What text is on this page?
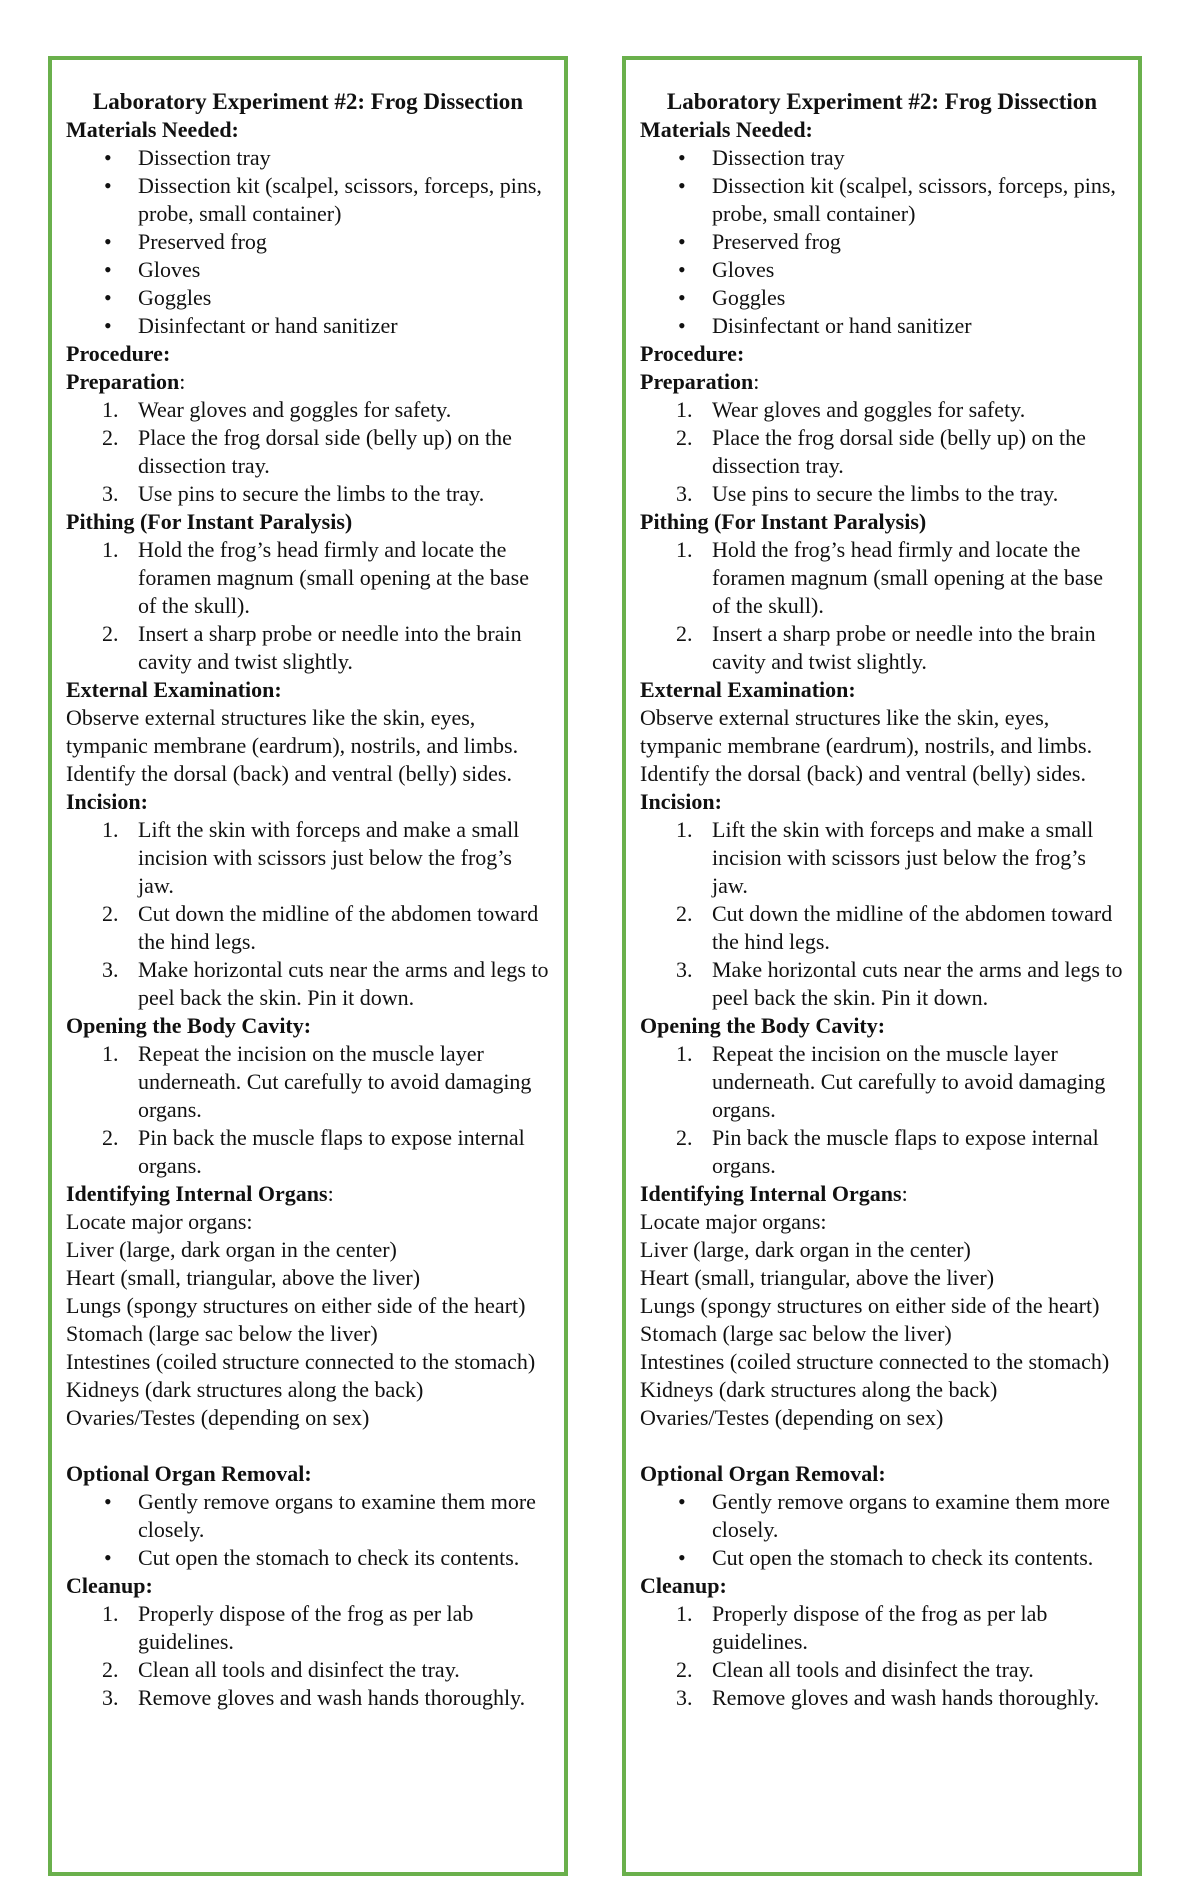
Laboratory Experiment #2: Frog Dissection
Materials Needed:
• Dissection tray
• Dissection kit (scalpel, scissors, forceps, pins, probe, small container)
• Preserved frog
• Gloves
• Goggles
• Disinfectant or hand sanitizer
Procedure:
Preparation:
1. Wear gloves and goggles for safety.
2. Place the frog dorsal side (belly up) on the dissection tray.
3. Use pins to secure the limbs to the tray.
Pithing (For Instant Paralysis)
1. Hold the frog’s head firmly and locate the foramen magnum (small opening at the base of the skull).
2. Insert a sharp probe or needle into the brain cavity and twist slightly.
External Examination:

Observe external structures like the skin, eyes, tympanic membrane (eardrum), nostrils, and limbs.

Identify the dorsal (back) and ventral (belly) sides.

Incision:
1. Lift the skin with forceps and make a small incision with scissors just below the frog’s jaw.
2. Cut down the midline of the abdomen toward the hind legs.
3. Make horizontal cuts near the arms and legs to peel back the skin. Pin it down.
Opening the Body Cavity:
1. Repeat the incision on the muscle layer underneath. Cut carefully to avoid damaging organs.
2. Pin back the muscle flaps to expose internal organs.
Identifying Internal Organs:

Locate major organs:

Liver (large, dark organ in the center)

Heart (small, triangular, above the liver)

Lungs (spongy structures on either side of the heart)

Stomach (large sac below the liver)

Intestines (coiled structure connected to the stomach)

Kidneys (dark structures along the back)

Ovaries/Testes (depending on sex)

Optional Organ Removal:
• Gently remove organs to examine them more closely.
• Cut open the stomach to check its contents.
Cleanup:
1. Properly dispose of the frog as per lab guidelines.
2. Clean all tools and disinfect the tray.
3. Remove gloves and wash hands thoroughly.
Laboratory Experiment #2: Frog Dissection
Materials Needed:
• Dissection tray
• Dissection kit (scalpel, scissors, forceps, pins, probe, small container)
• Preserved frog
• Gloves
• Goggles
• Disinfectant or hand sanitizer
Procedure:
Preparation:
1. Wear gloves and goggles for safety.
2. Place the frog dorsal side (belly up) on the dissection tray.
3. Use pins to secure the limbs to the tray.
Pithing (For Instant Paralysis)
1. Hold the frog’s head firmly and locate the foramen magnum (small opening at the base of the skull).
2. Insert a sharp probe or needle into the brain cavity and twist slightly.
External Examination:

Observe external structures like the skin, eyes, tympanic membrane (eardrum), nostrils, and limbs.

Identify the dorsal (back) and ventral (belly) sides.

Incision:
1. Lift the skin with forceps and make a small incision with scissors just below the frog’s jaw.
2. Cut down the midline of the abdomen toward the hind legs.
3. Make horizontal cuts near the arms and legs to peel back the skin. Pin it down.
Opening the Body Cavity:
1. Repeat the incision on the muscle layer underneath. Cut carefully to avoid damaging organs.
2. Pin back the muscle flaps to expose internal organs.
Identifying Internal Organs:

Locate major organs:

Liver (large, dark organ in the center)

Heart (small, triangular, above the liver)

Lungs (spongy structures on either side of the heart)

Stomach (large sac below the liver)

Intestines (coiled structure connected to the stomach)

Kidneys (dark structures along the back)

Ovaries/Testes (depending on sex)

Optional Organ Removal:
• Gently remove organs to examine them more closely.
• Cut open the stomach to check its contents.
Cleanup:
1. Properly dispose of the frog as per lab guidelines.
2. Clean all tools and disinfect the tray.
3. Remove gloves and wash hands thoroughly.
